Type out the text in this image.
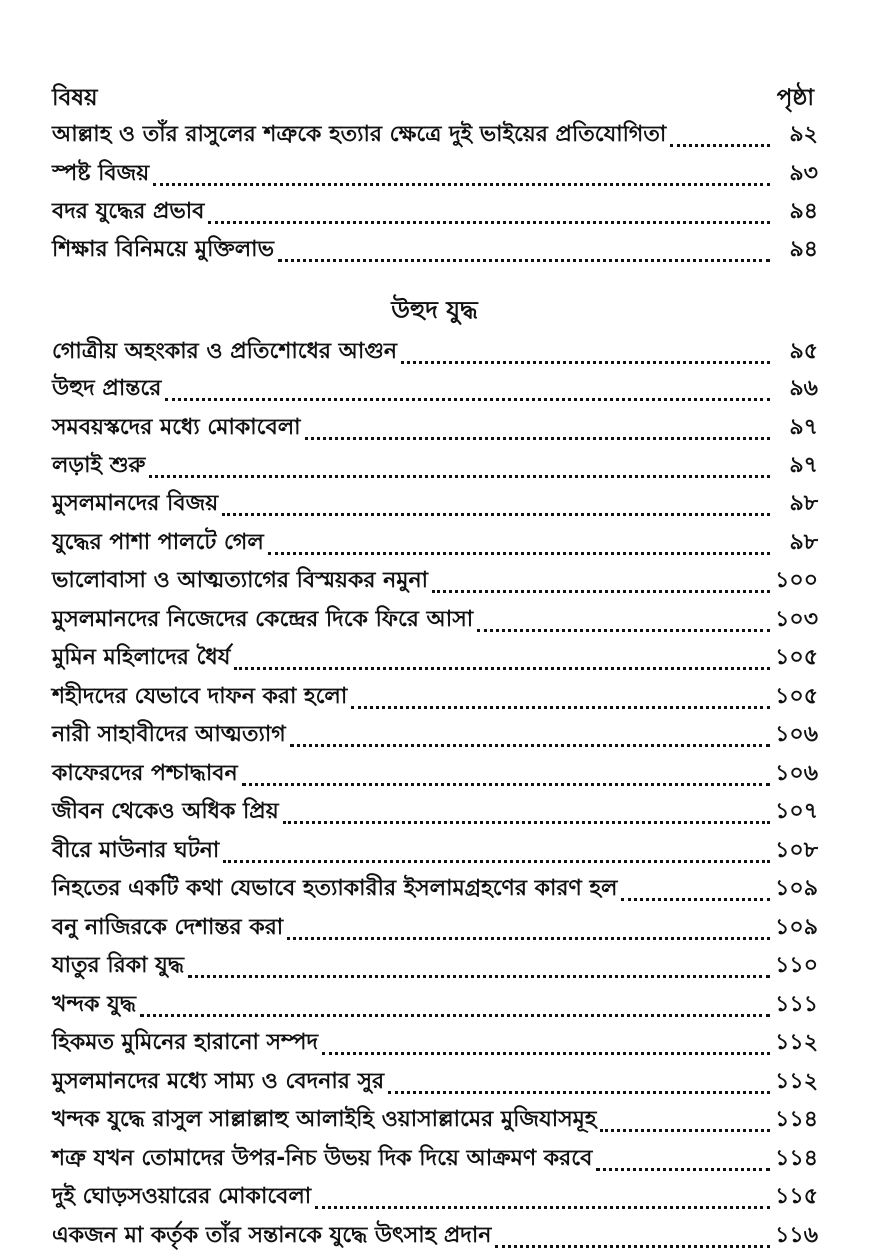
বিষয়	পৃষ্ঠা
আল্লাহ ও তাঁর রাসুলের শত্রুকে হত্যার ক্ষেত্রে দুই ভাইয়ের প্রতিযোগিতা	৯২
স্পষ্ট বিজয়	৯৩
বদর যুদ্ধের প্রভাব	৯৪
শিক্ষার বিনিময়ে মুক্তিলাভ	৯৪
উহুদ যুদ্ধ
গোত্রীয় অহংকার ও প্রতিশোধের আগুন	৯৫
উহুদ প্রান্তরে	৯৬
সমবয়স্কদের মধ্যে মোকাবেলা	৯৭
লড়াই শুরু	৯৭
মুসলমানদের বিজয়	৯৮
যুদ্ধের পাশা পালটে গেল	৯৮
ভালোবাসা ও আত্মত্যাগের বিস্ময়কর নমুনা	১০০
মুসলমানদের নিজেদের কেন্দ্রের দিকে ফিরে আসা	১০৩
মুমিন মহিলাদের ধৈর্য	১০৫
শহীদদের যেভাবে দাফন করা হলো	১০৫
নারী সাহাবীদের আত্মত্যাগ	১০৬
কাফেরদের পশ্চাদ্ধাবন	১০৬
জীবন থেকেও অধিক প্রিয়	১০৭
বীরে মাউনার ঘটনা	১০৮
নিহতের একটি কথা যেভাবে হত্যাকারীর ইসলামগ্রহণের কারণ হল	১০৯
বনু নাজিরকে দেশান্তর করা	১০৯
যাতুর রিকা যুদ্ধ	১১০
খন্দক যুদ্ধ	১১১
হিকমত মুমিনের হারানো সম্পদ	১১২
মুসলমানদের মধ্যে সাম্য ও বেদনার সুর	১১২
খন্দক যুদ্ধে রাসুল সাল্লাল্লাহু আলাইহি ওয়াসাল্লামের মুজিযাসমূহ	১১৪
শত্রু যখন তোমাদের উপর-নিচ উভয় দিক দিয়ে আক্রমণ করবে	১১৪
দুই ঘোড়সওয়ারের মোকাবেলা	১১৫
একজন মা কর্তৃক তাঁর সন্তানকে যুদ্ধে উৎসাহ প্রদান	১১৬
